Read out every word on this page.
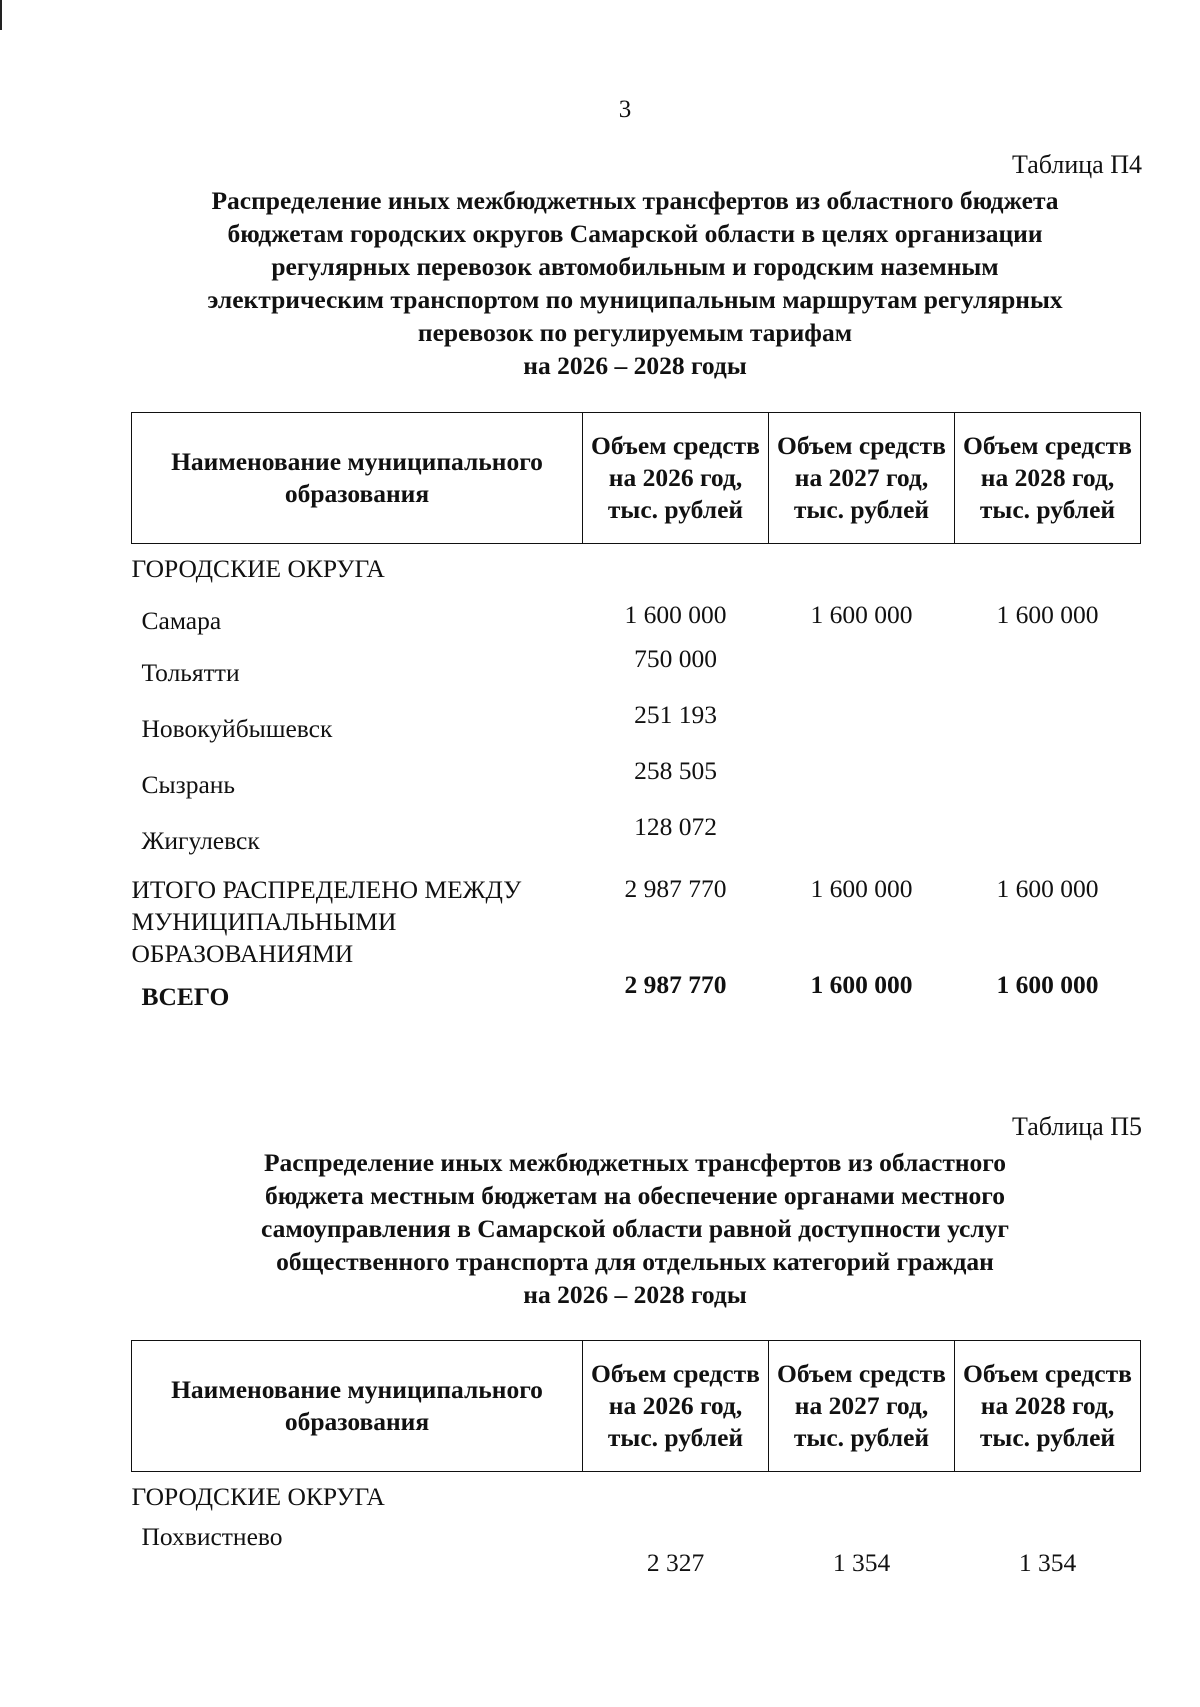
3
Таблица П4
Распределение иных межбюджетных трансфертов из областного бюджета
бюджетам городских округов Самарской области в целях организации
регулярных перевозок автомобильным и городским наземным
электрическим транспортом по муниципальным маршрутам регулярных
перевозок по регулируемым тарифам
на 2026 – 2028 годы
Наименование муниципального образования	Объем средств на 2026 год, тыс. рублей	Объем средств на 2027 год, тыс. рублей	Объем средств на 2028 год, тыс. рублей
ГОРОДСКИЕ ОКРУГА			
Самара	1 600 000	1 600 000	1 600 000
Тольятти	750 000		
Новокуйбышевск	251 193		
Сызрань	258 505		
Жигулевск	128 072		
ИТОГО РАСПРЕДЕЛЕНО МЕЖДУ МУНИЦИПАЛЬНЫМИ ОБРАЗОВАНИЯМИ	2 987 770	1 600 000	1 600 000
ВСЕГО	2 987 770	1 600 000	1 600 000
Таблица П5
Распределение иных межбюджетных трансфертов из областного
бюджета местным бюджетам на обеспечение органами местного
самоуправления в Самарской области равной доступности услуг
общественного транспорта для отдельных категорий граждан
на 2026 – 2028 годы
Наименование муниципального образования	Объем средств на 2026 год, тыс. рублей	Объем средств на 2027 год, тыс. рублей	Объем средств на 2028 год, тыс. рублей
ГОРОДСКИЕ ОКРУГА			
Похвистнево	2 327	1 354	1 354
